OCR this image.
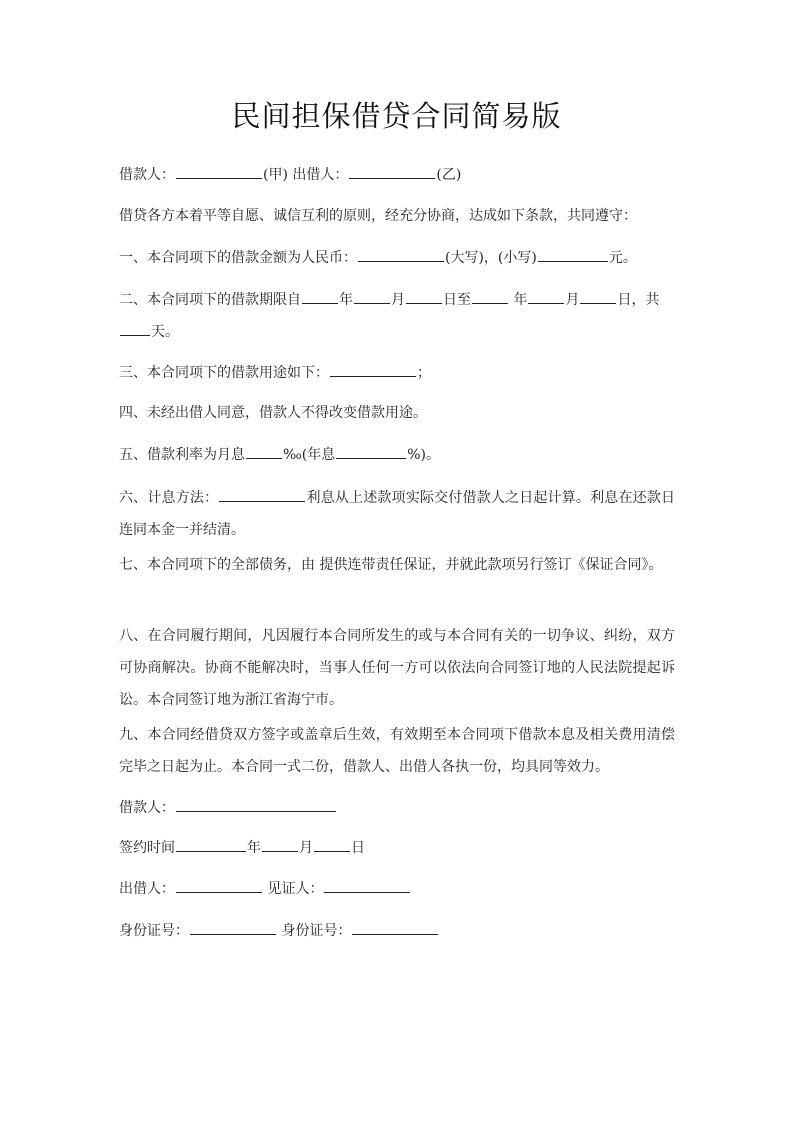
民间担保借贷合同简易版

借款人：	(甲) 出借人：	(乙)

借贷各方本着平等自愿、诚信互利的原则，经充分协商，达成如下条款，共同遵守：

一、本合同项下的借款金额为人民币：	(大写)，(小写)	元。

二、本合同项下的借款期限自	年	月	日至	年	月	日，共
天。

三、本合同项下的借款用途如下：	；

四、未经出借人同意，借款人不得改变借款用途。

五、借款利率为月息	‰(年息	%)。

六、计息方法：	利息从上述款项实际交付借款人之日起计算。利息在还款日连同本金一并结清。

七、本合同项下的全部债务，由 提供连带责任保证，并就此款项另行签订《保证合同》。

八、在合同履行期间，凡因履行本合同所发生的或与本合同有关的一切争议、纠纷，双方可协商解决。协商不能解决时，当事人任何一方可以依法向合同签订地的人民法院提起诉讼。本合同签订地为浙江省海宁市。

九、本合同经借贷双方签字或盖章后生效，有效期至本合同项下借款本息及相关费用清偿完毕之日起为止。本合同一式二份，借款人、出借人各执一份，均具同等效力。

借款人：

签约时间	年	月	日

出借人：	见证人：

身份证号：	身份证号：
